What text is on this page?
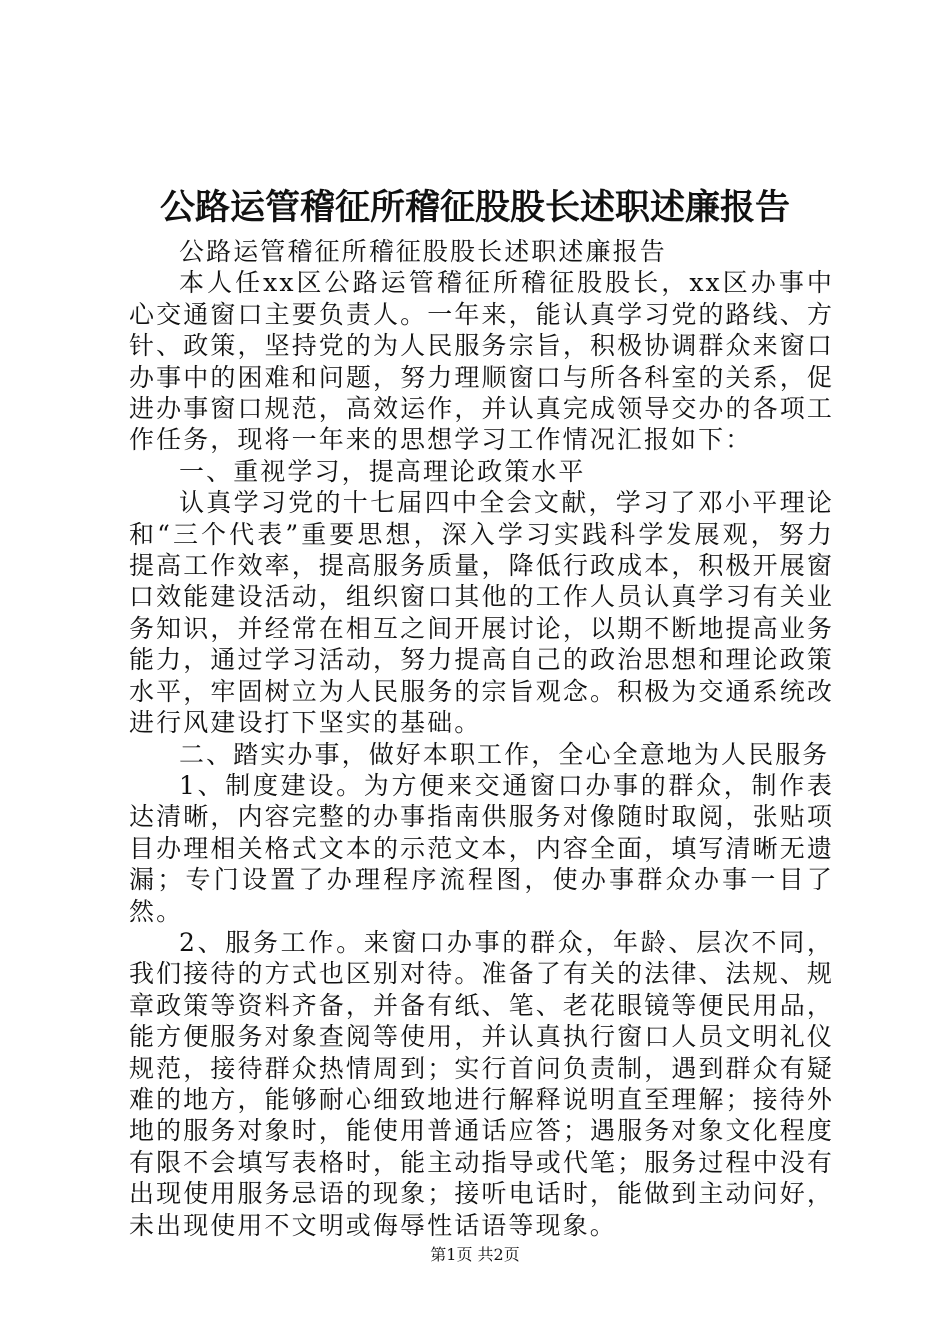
公路运管稽征所稽征股股长述职述廉报告

公路运管稽征所稽征股股长述职述廉报告

本人任xx区公路运管稽征所稽征股股长，xx区办事中心交通窗口主要负责人。一年来，能认真学习党的路线、方针、政策，坚持党的为人民服务宗旨，积极协调群众来窗口办事中的困难和问题，努力理顺窗口与所各科室的关系，促进办事窗口规范，高效运作，并认真完成领导交办的各项工作任务，现将一年来的思想学习工作情况汇报如下：

一、重视学习，提高理论政策水平

认真学习党的十七届四中全会文献，学习了邓小平理论和“三个代表”重要思想，深入学习实践科学发展观，努力提高工作效率，提高服务质量，降低行政成本，积极开展窗口效能建设活动，组织窗口其他的工作人员认真学习有关业务知识，并经常在相互之间开展讨论，以期不断地提高业务能力，通过学习活动，努力提高自己的政治思想和理论政策水平，牢固树立为人民服务的宗旨观念。积极为交通系统改进行风建设打下坚实的基础。

二、踏实办事，做好本职工作，全心全意地为人民服务

1、制度建设。为方便来交通窗口办事的群众，制作表达清晰，内容完整的办事指南供服务对像随时取阅，张贴项目办理相关格式文本的示范文本，内容全面，填写清晰无遗漏；专门设置了办理程序流程图，使办事群众办事一目了然。

2、服务工作。来窗口办事的群众，年龄、层次不同，我们接待的方式也区别对待。准备了有关的法律、法规、规章政策等资料齐备，并备有纸、笔、老花眼镜等便民用品，能方便服务对象查阅等使用，并认真执行窗口人员文明礼仪规范，接待群众热情周到；实行首问负责制，遇到群众有疑难的地方，能够耐心细致地进行解释说明直至理解；接待外地的服务对象时，能使用普通话应答；遇服务对象文化程度有限不会填写表格时，能主动指导或代笔；服务过程中没有出现使用服务忌语的现象；接听电话时，能做到主动问好，未出现使用不文明或侮辱性话语等现象。

第1页 共2页
